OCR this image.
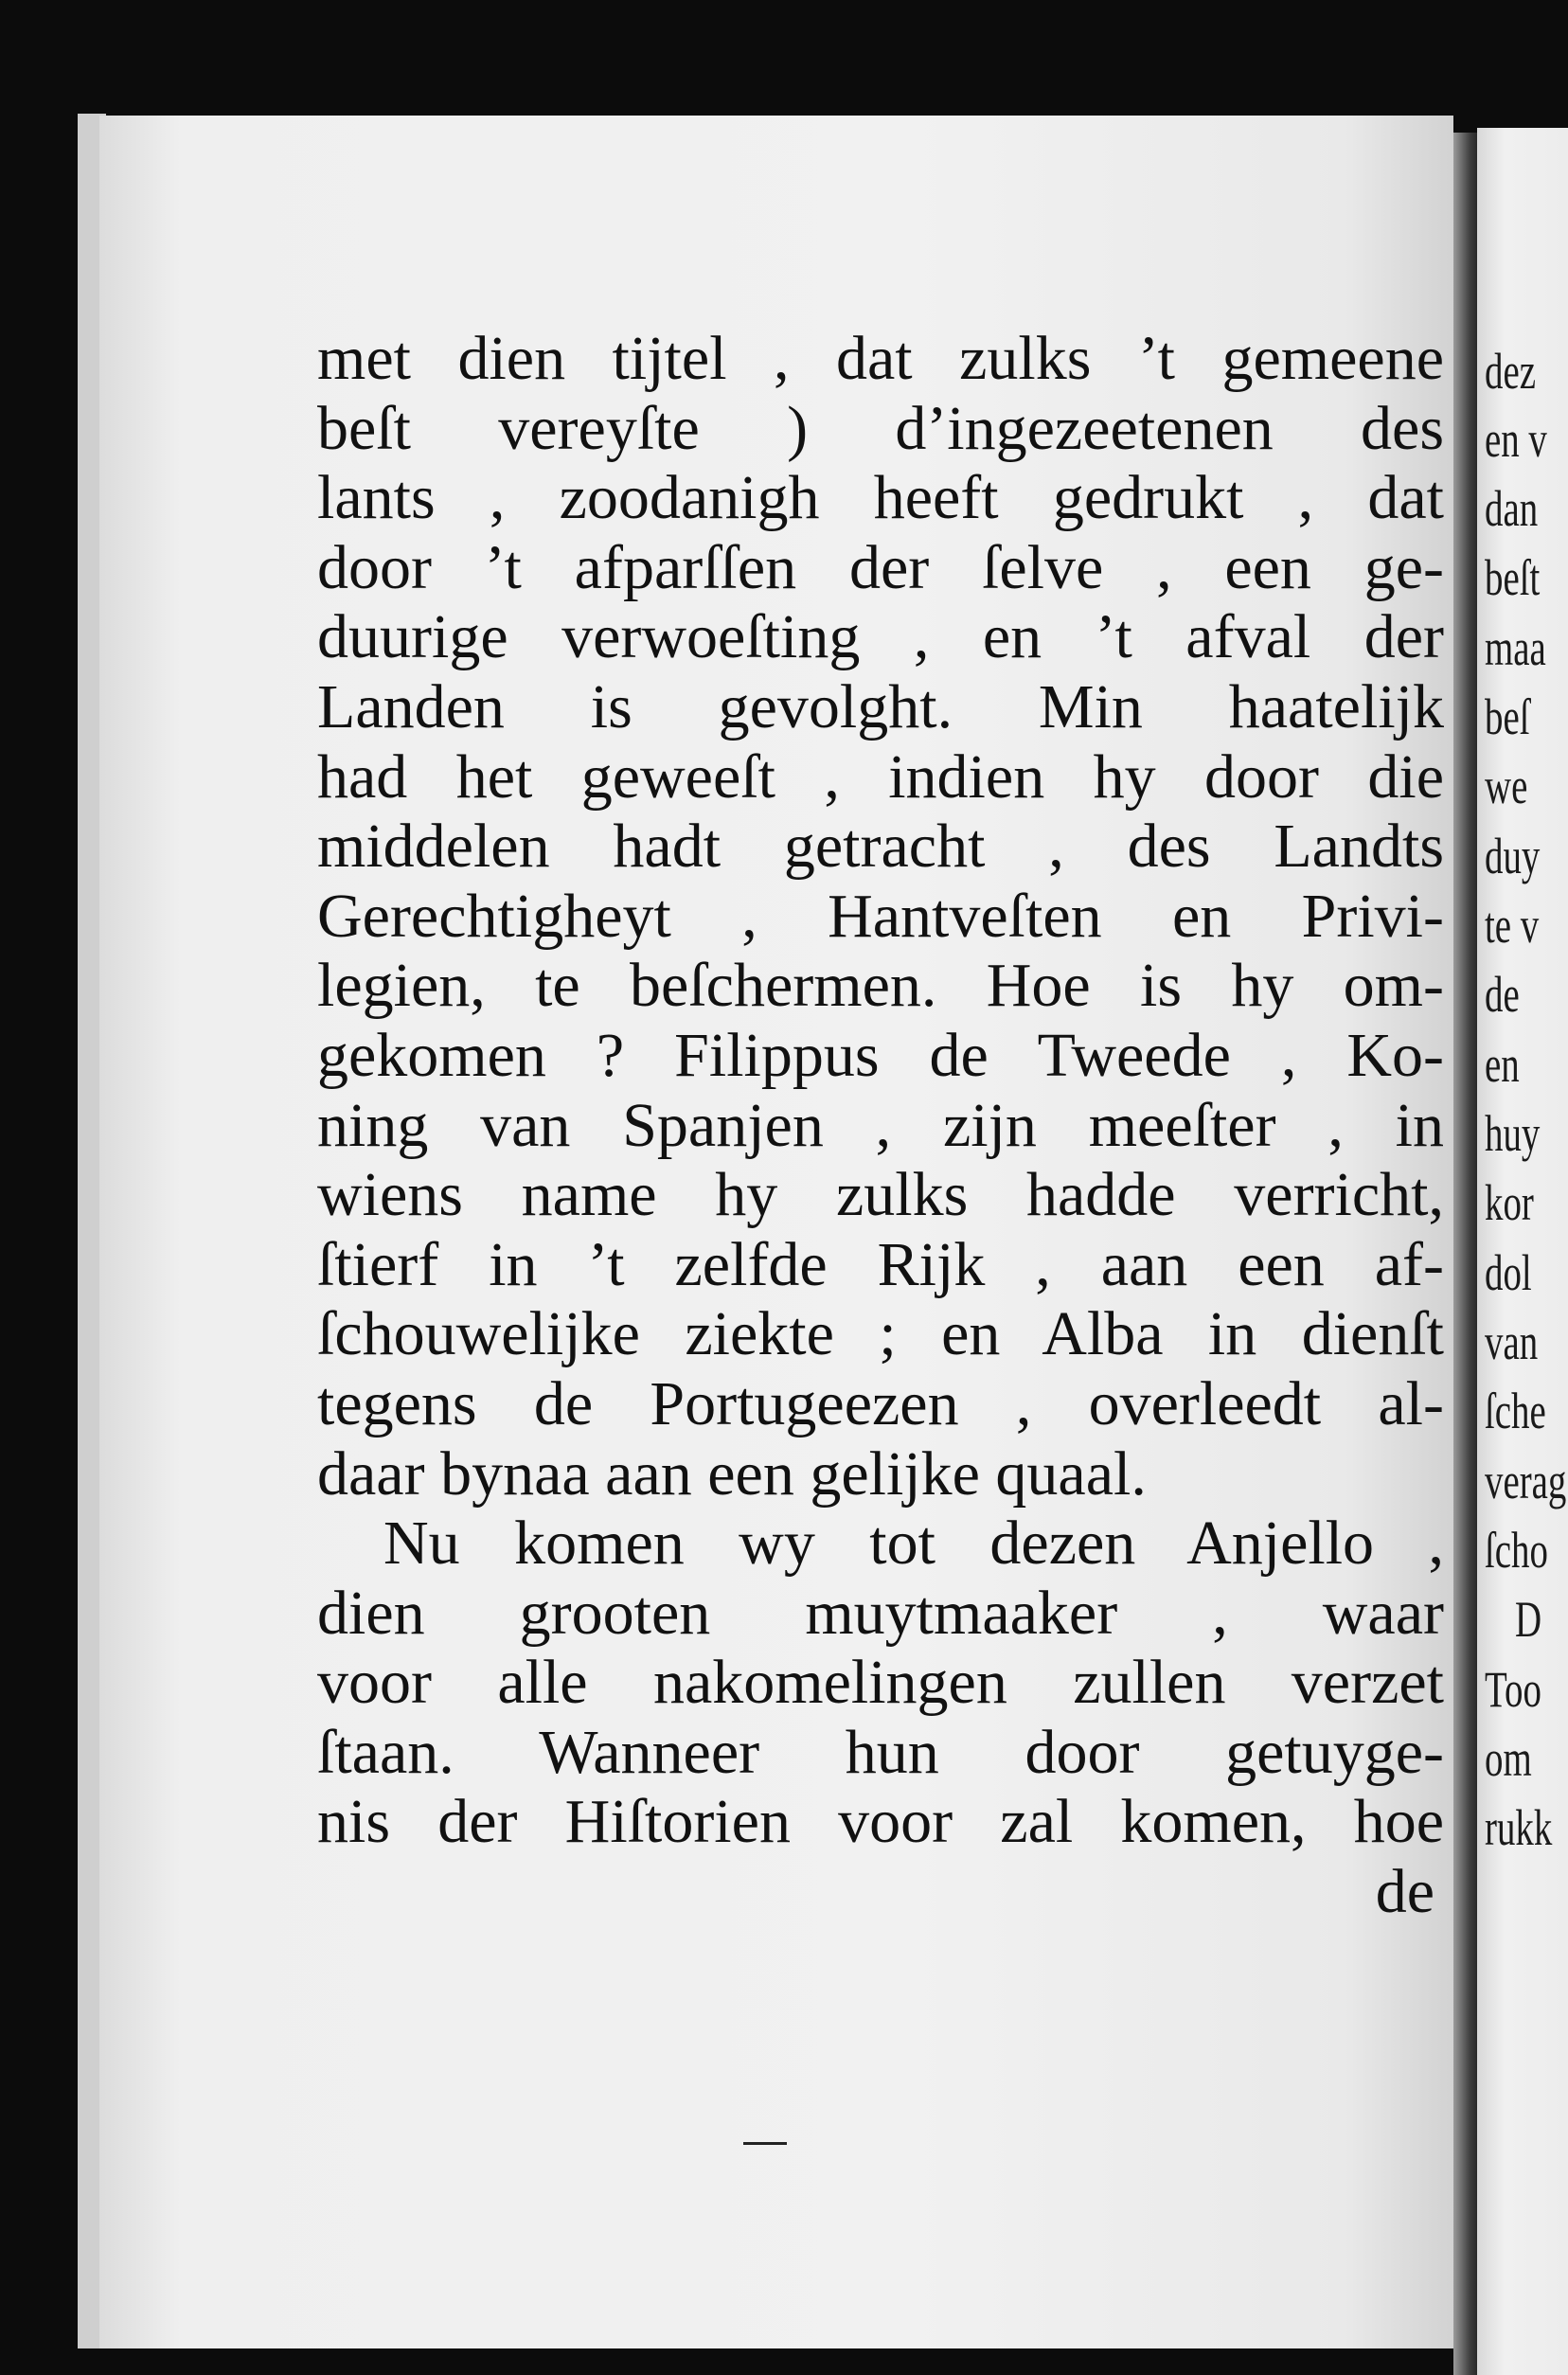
met dien tijtel , dat zulks ’t gemeene
beſt vereyſte ) d’ingezeetenen des
lants , zoodanigh heeft gedrukt , dat
door ’t afparſſen der ſelve , een ge-
duurige verwoeſting , en ’t afval der
Landen is gevolght. Min haatelijk
had het geweeſt , indien hy door die
middelen hadt getracht , des Landts
Gerechtigheyt , Hantveſten en Privi-
legien, te beſchermen. Hoe is hy om-
gekomen ? Filippus de Tweede , Ko-
ning van Spanjen , zijn meeſter , in
wiens name hy zulks hadde verricht,
ſtierf in ’t zelfde Rijk , aan een af-
ſchouwelijke ziekte ; en Alba in dienſt
tegens de Portugeezen , overleedt al-
daar bynaa aan een gelijke quaal.
Nu komen wy tot dezen Anjello ,
dien grooten muytmaaker , waar
voor alle nakomelingen zullen verzet
ſtaan. Wanneer hun door getuyge-
nis der Hiſtorien voor zal komen, hoe
de
dez
en v
dan
beſt
maa
beſ
we
duy
te v
de
en
huy
kor
dol
van
ſche
verag
ſcho
D
Too
om
rukk
